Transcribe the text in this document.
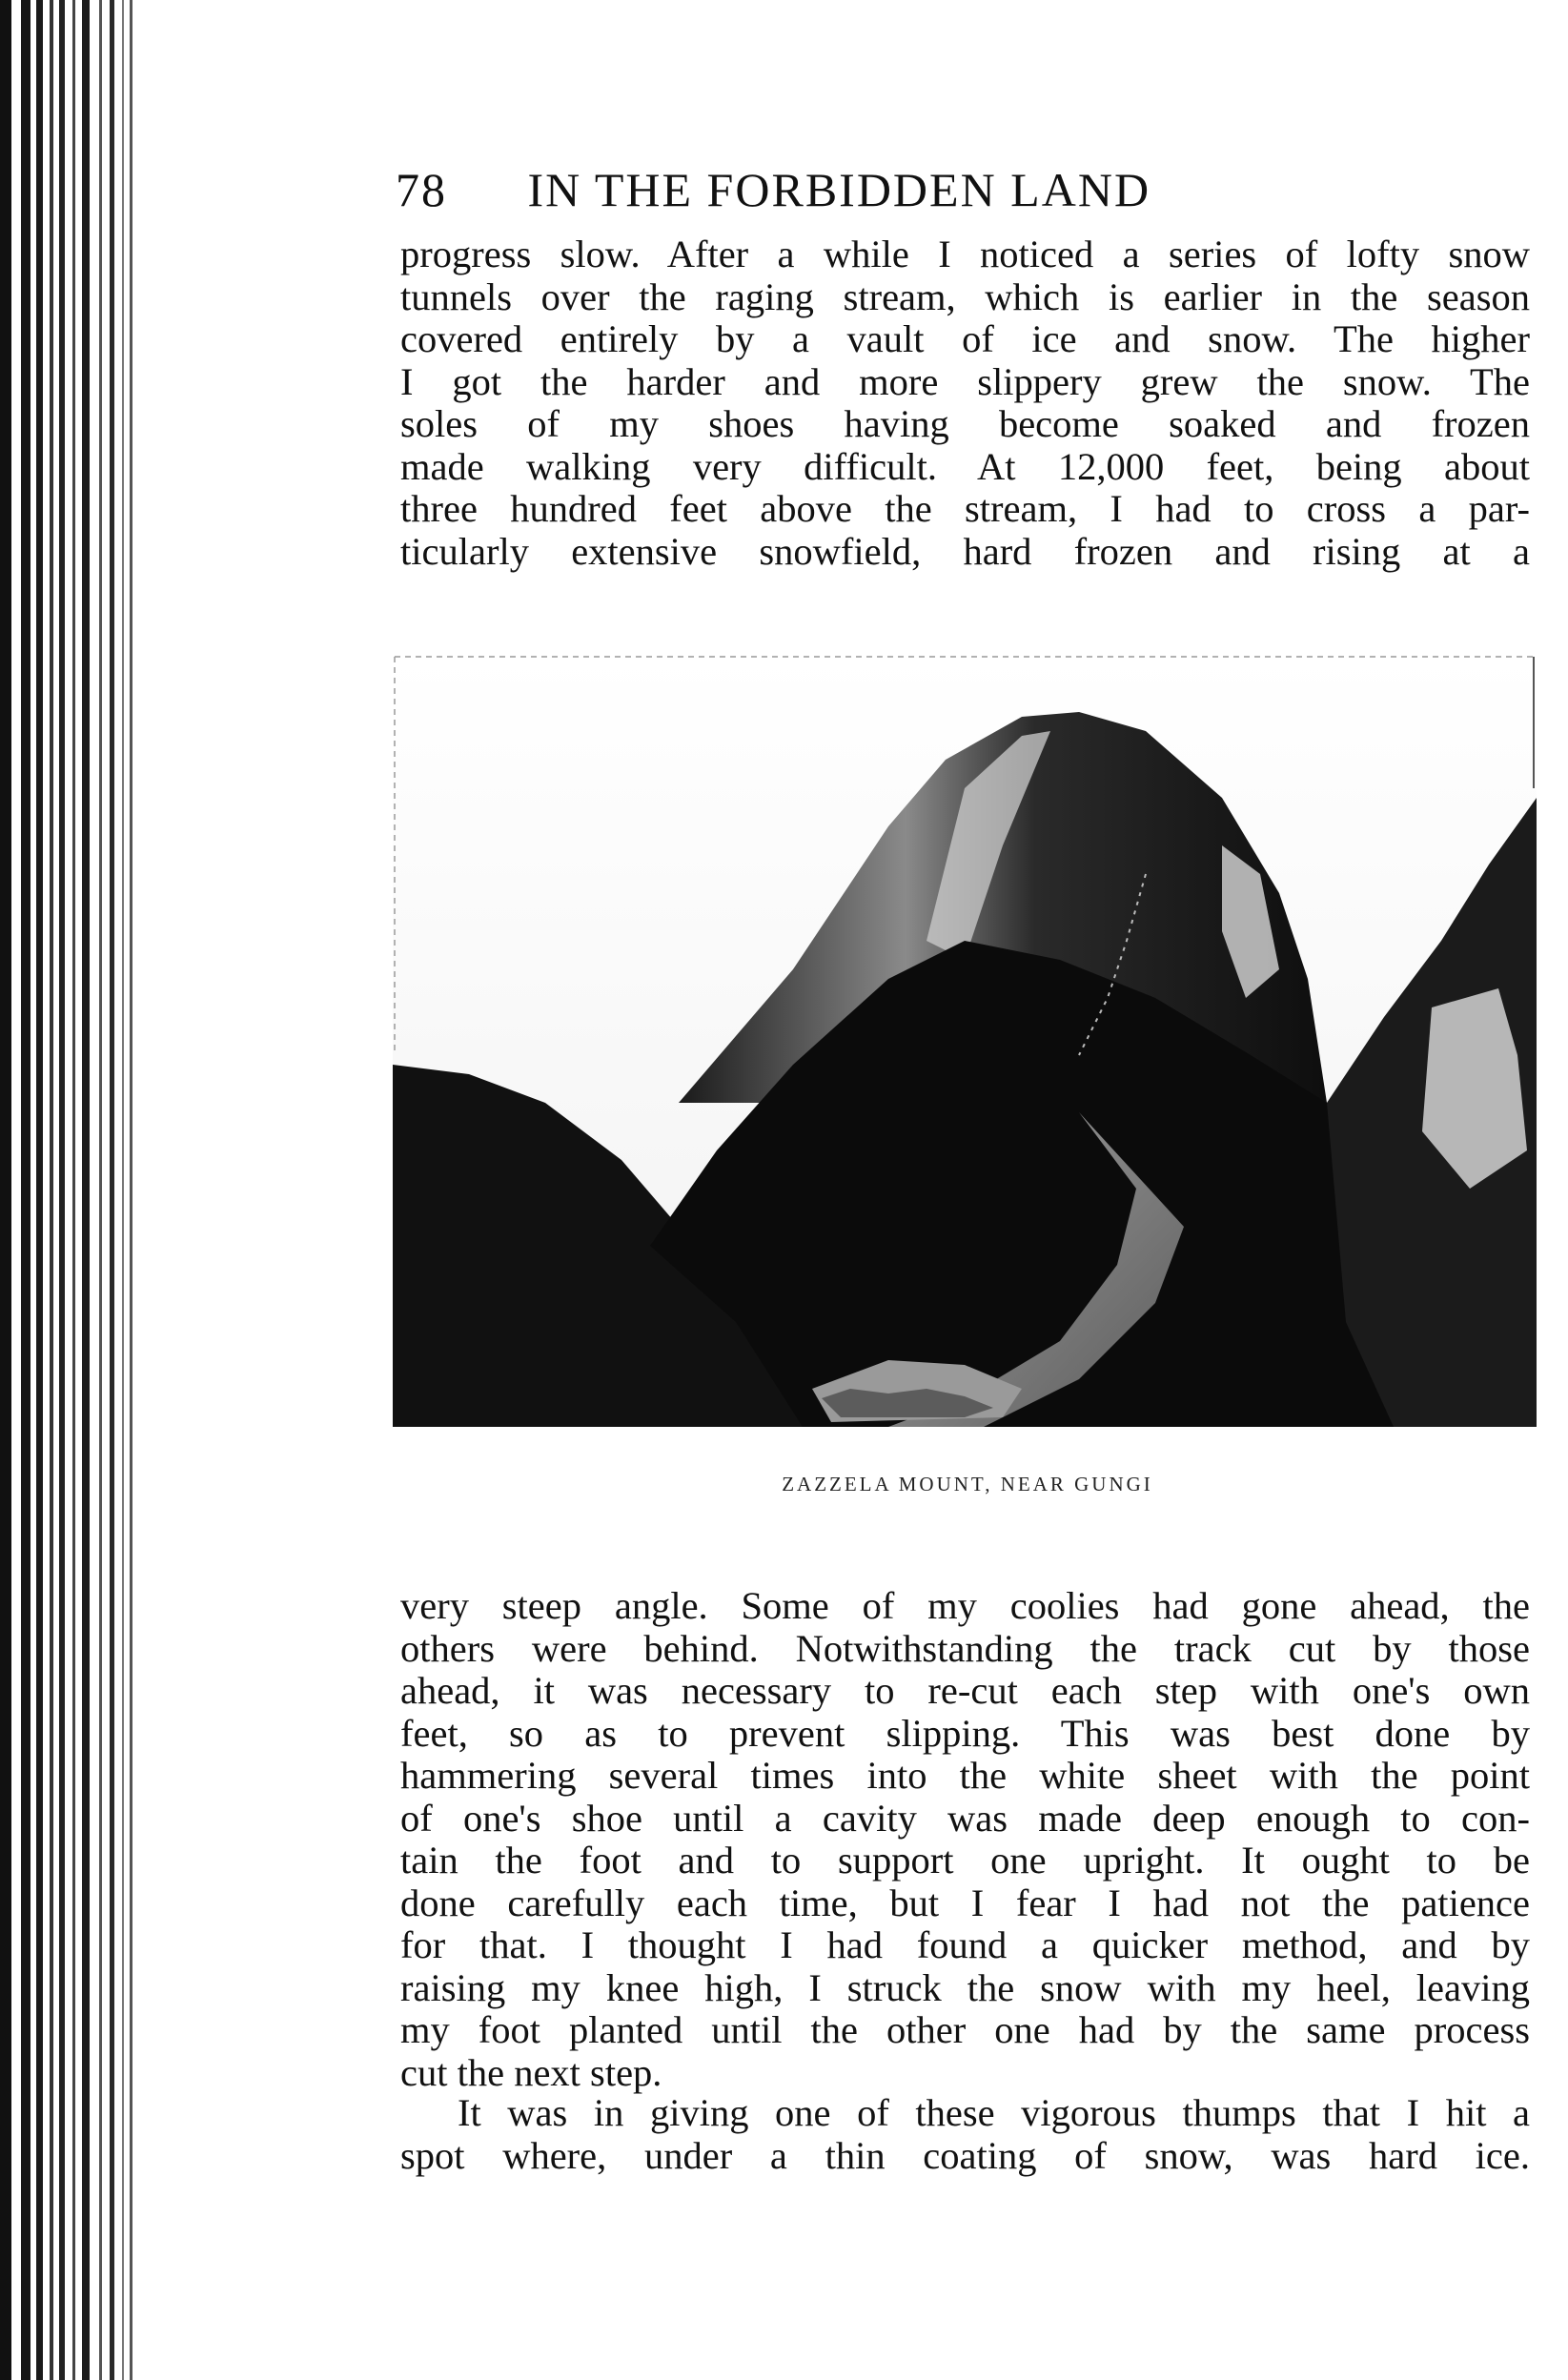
78 IN THE FORBIDDEN LAND
progress slow. After a while I noticed a series of lofty snow
tunnels over the raging stream, which is earlier in the season
covered entirely by a vault of ice and snow. The higher
I got the harder and more slippery grew the snow. The
soles of my shoes having become soaked and frozen
made walking very difficult. At 12,000 feet, being about
three hundred feet above the stream, I had to cross a par-
ticularly extensive snowfield, hard frozen and rising at a
ZAZZELA MOUNT, NEAR GUNGI
very steep angle. Some of my coolies had gone ahead, the
others were behind. Notwithstanding the track cut by those
ahead, it was necessary to re-cut each step with one's own
feet, so as to prevent slipping. This was best done by
hammering several times into the white sheet with the point
of one's shoe until a cavity was made deep enough to con-
tain the foot and to support one upright. It ought to be
done carefully each time, but I fear I had not the patience
for that. I thought I had found a quicker method, and by
raising my knee high, I struck the snow with my heel, leaving
my foot planted until the other one had by the same process
cut the next step.
It was in giving one of these vigorous thumps that I hit a
spot where, under a thin coating of snow, was hard ice.
